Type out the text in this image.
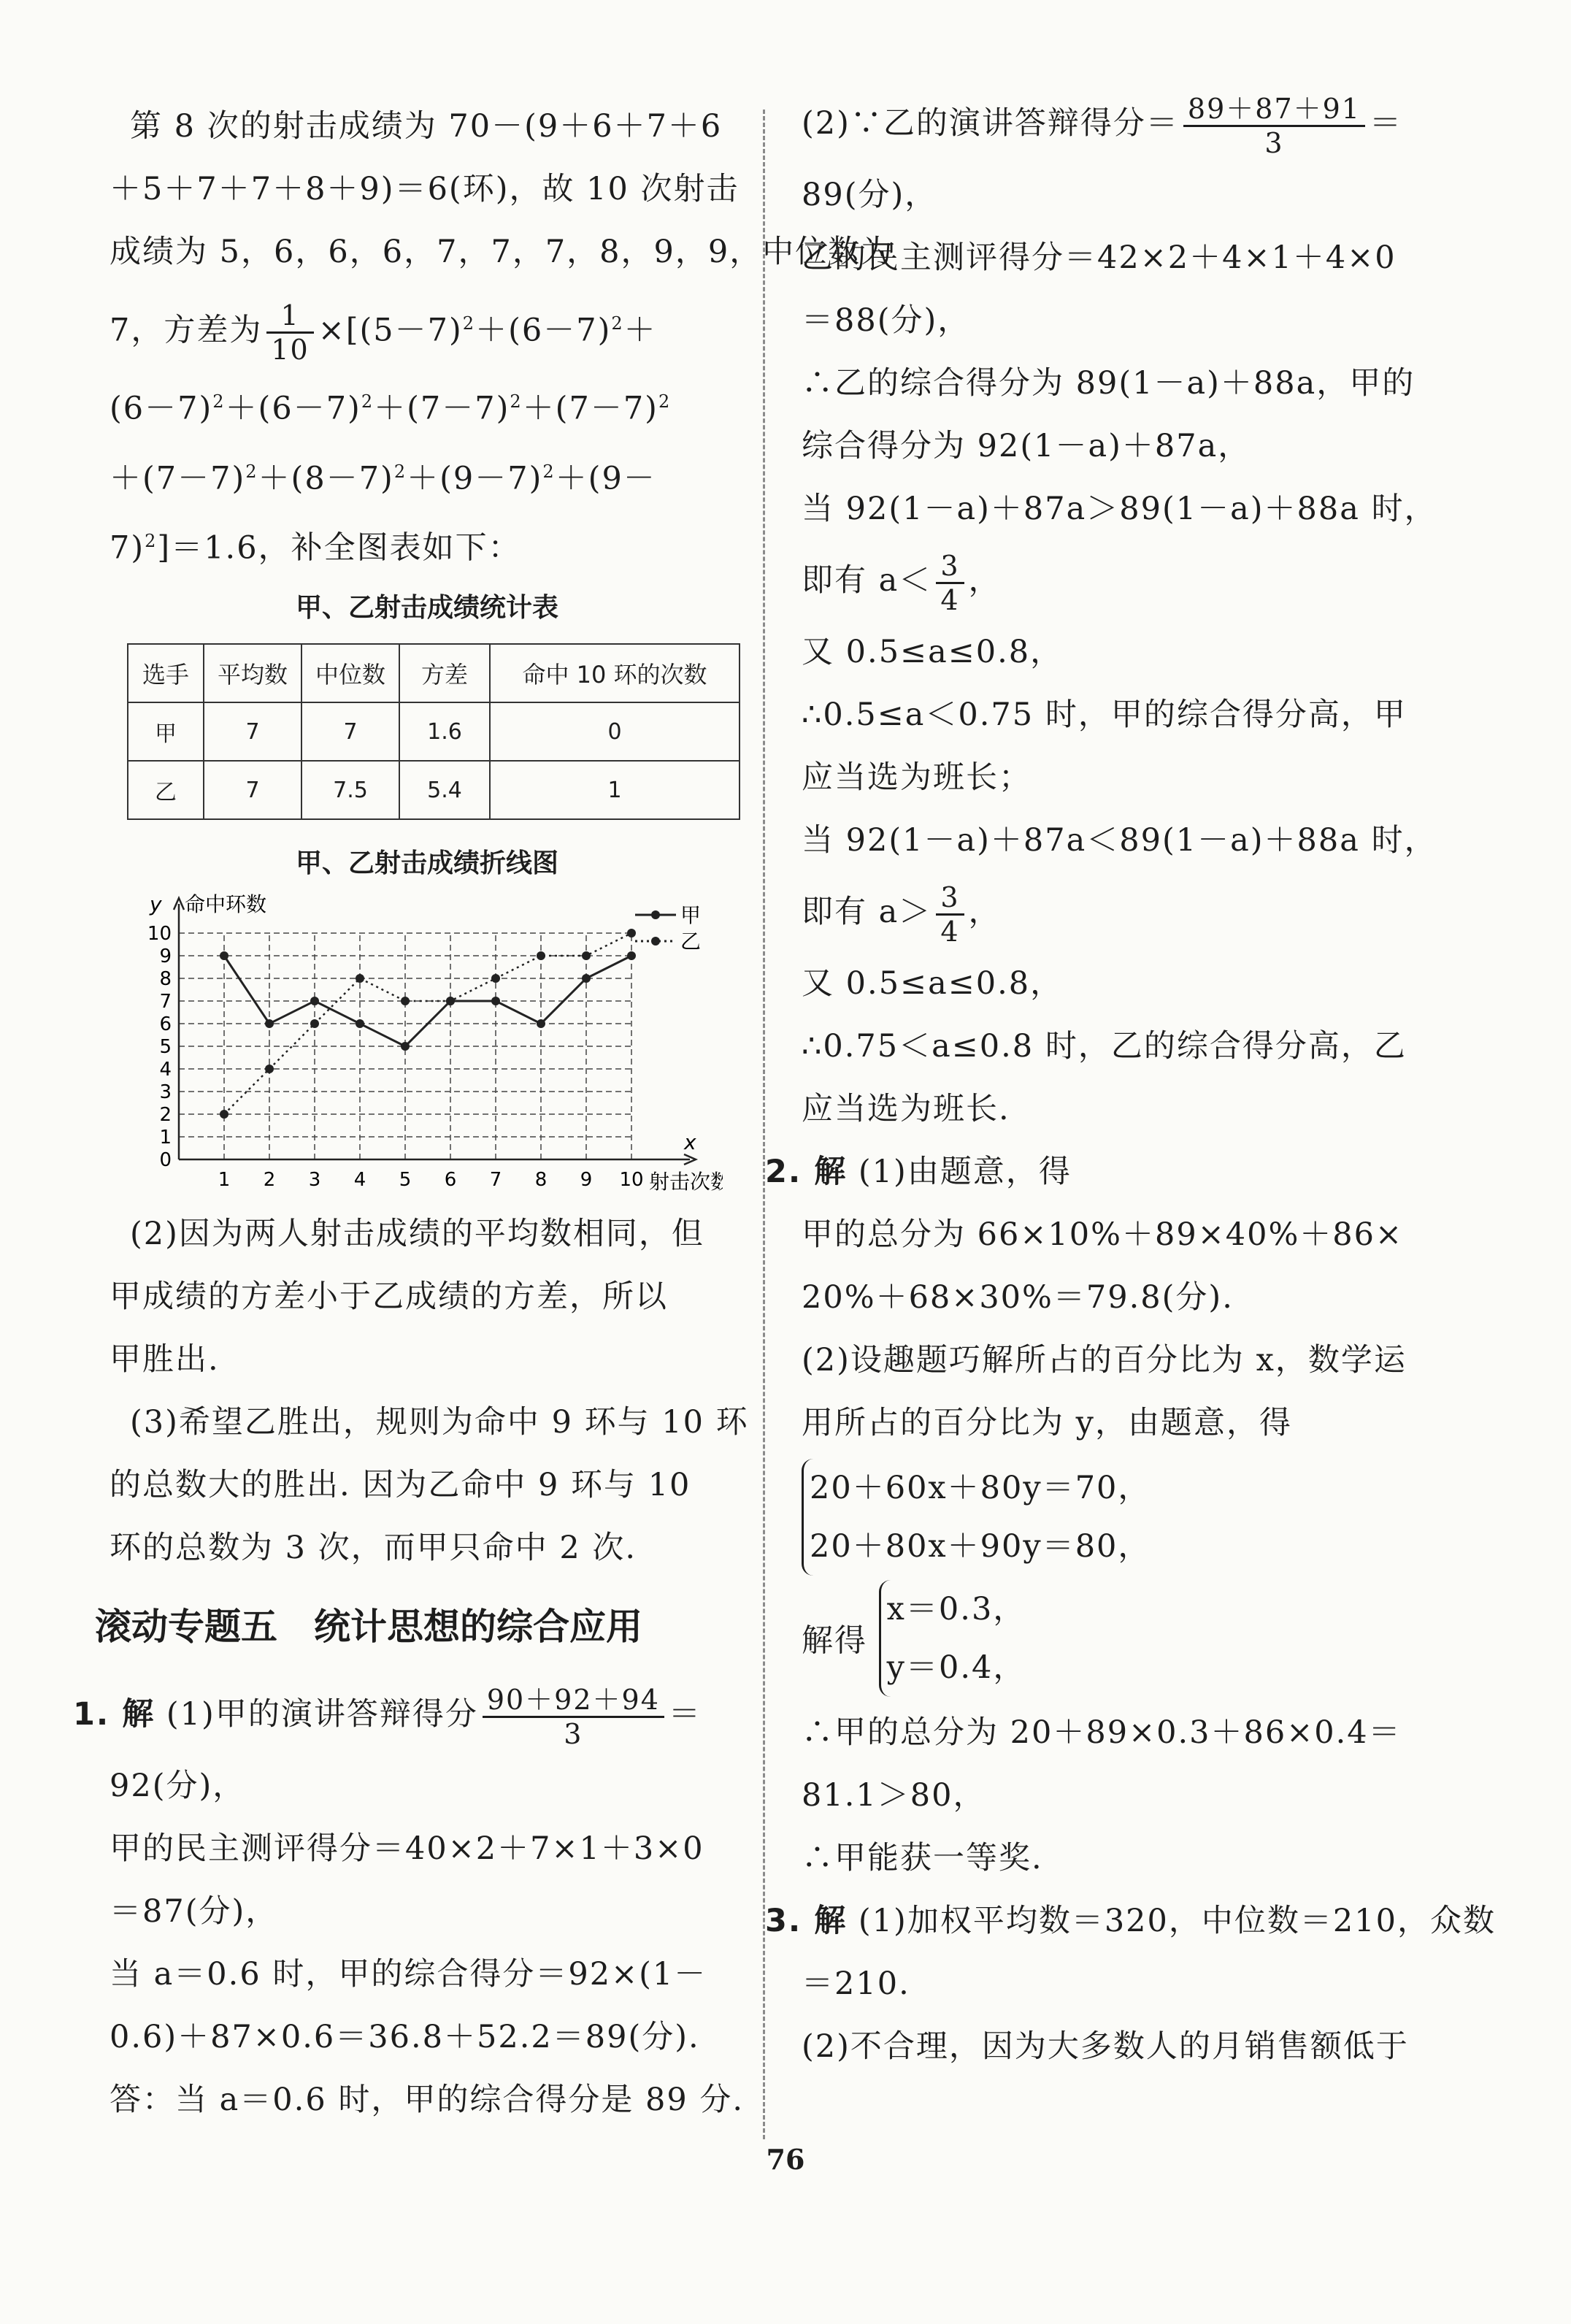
第 8 次的射击成绩为 70－(9＋6＋7＋6
＋5＋7＋7＋8＋9)＝6(环)，故 10 次射击
成绩为 5，6，6，6，7，7，7，8，9，9，中位数为
7，方差为 $\frac{1}{10} \times[(5-7)^2+(6-7)^2+$
$(6-7)^2+(6-7)^2+(7-7)^2+(7-7)^2$
$+(7-7)^2+(8-7)^2+(9-7)^2+(9-$
7)$^2$]＝1.6，补全图表如下：
甲、乙射击成绩统计表
选手	平均数	中位数	方差	命中 10 环的次数
甲	7	7	1.6	0
乙	7	7.5	5.4	1
甲、乙射击成绩折线图
0
1
2
3
4
5
6
7
8
9
10
1 2 3 4 5 6 7 8 9 10
y 命中环数
x
射击次数
甲
乙
(2)因为两人射击成绩的平均数相同，但
甲成绩的方差小于乙成绩的方差，所以
甲胜出.
(3)希望乙胜出，规则为命中 9 环与 10 环
的总数大的胜出. 因为乙命中 9 环与 10
环的总数为 3 次，而甲只命中 2 次.
滚动专题五　统计思想的综合应用
1. 解 (1)甲的演讲答辩得分 $\frac{90+92+94}{3}$ ＝
92(分)，
甲的民主测评得分＝40×2＋7×1＋3×0
＝87(分)，
当 a＝0.6 时，甲的综合得分＝92×(1－
0.6)＋87×0.6＝36.8＋52.2＝89(分).
答：当 a＝0.6 时，甲的综合得分是 89 分.
(2)∵乙的演讲答辩得分＝ $\frac{89+87+91}{3}$ ＝
89(分)，
乙的民主测评得分＝42×2＋4×1＋4×0
＝88(分)，
∴乙的综合得分为 89(1－a)＋88a，甲的
综合得分为 92(1－a)＋87a，
当 92(1－a)＋87a＞89(1－a)＋88a 时，
即有 $a< \frac{3}{4}$ ，
又 0.5≤a≤0.8，
∴0.5≤a＜0.75 时，甲的综合得分高，甲
应当选为班长；
当 92(1－a)＋87a＜89(1－a)＋88a 时，
即有 $a> \frac{3}{4}$ ，
又 0.5≤a≤0.8，
∴0.75＜a≤0.8 时，乙的综合得分高，乙
应当选为班长.
2. 解 (1)由题意，得
甲的总分为 66×10%＋89×40%＋86×
20%＋68×30%＝79.8(分).
(2)设趣题巧解所占的百分比为 x，数学运
用所占的百分比为 y，由题意，得
20＋60x＋80y＝70，
20＋80x＋90y＝80，
解得
x＝0.3，
y＝0.4，
∴甲的总分为 20＋89×0.3＋86×0.4＝
81.1＞80，
∴甲能获一等奖.
3. 解 (1)加权平均数＝320，中位数＝210，众数
＝210.
(2)不合理，因为大多数人的月销售额低于
76
